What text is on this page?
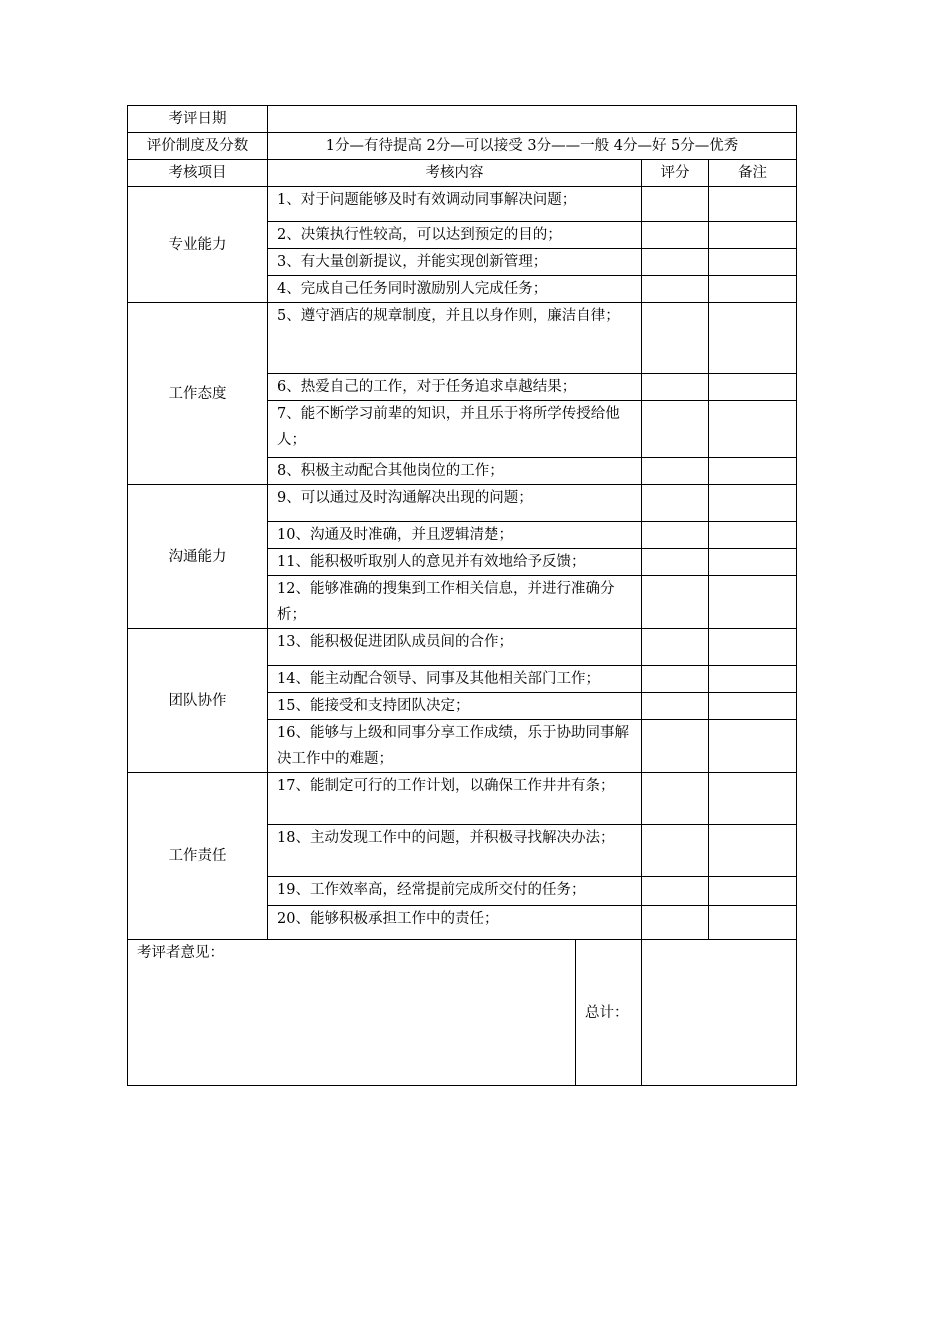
考评日期				
评价制度及分数	1分—有待提高 2分—可以接受 3分——一般 4分—好 5分—优秀			
考核项目	考核内容		评分	备注
专业能力	1、对于问题能够及时有效调动同事解决问题；			
	2、决策执行性较高，可以达到预定的目的；			
	3、有大量创新提议，并能实现创新管理；			
	4、完成自己任务同时激励别人完成任务；			
工作态度	5、遵守酒店的规章制度，并且以身作则，廉洁自律；			
	6、热爱自己的工作，对于任务追求卓越结果；			
	7、能不断学习前辈的知识，并且乐于将所学传授给他人；			
	8、积极主动配合其他岗位的工作；			
沟通能力	9、可以通过及时沟通解决出现的问题；			
	10、沟通及时准确，并且逻辑清楚；			
	11、能积极听取别人的意见并有效地给予反馈；			
	12、能够准确的搜集到工作相关信息，并进行准确分析；			
团队协作	13、能积极促进团队成员间的合作；			
	14、能主动配合领导、同事及其他相关部门工作；			
	15、能接受和支持团队决定；			
	16、能够与上级和同事分享工作成绩，乐于协助同事解决工作中的难题；			
工作责任	17、能制定可行的工作计划，以确保工作井井有条；			
	18、主动发现工作中的问题，并积极寻找解决办法；			
	19、工作效率高，经常提前完成所交付的任务；			
	20、能够积极承担工作中的责任；			
考评者意见：		总计：		
